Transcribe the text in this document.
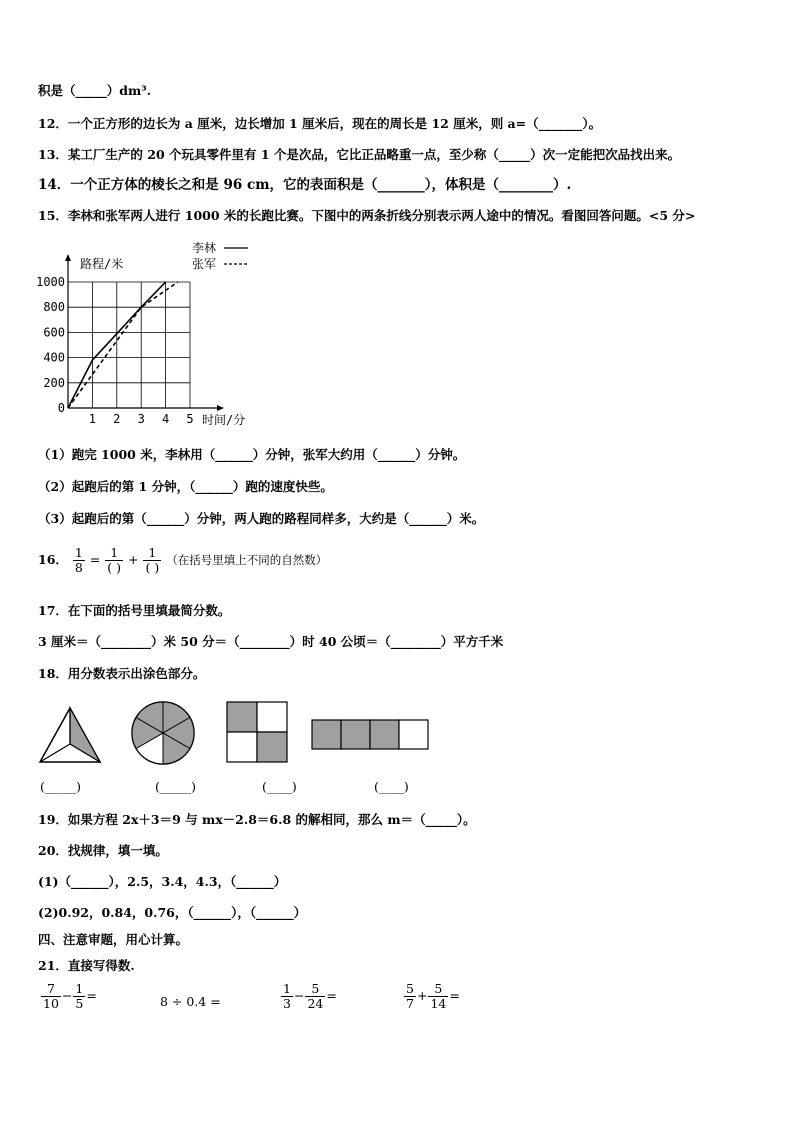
积是（_____）dm³.
12．一个正方形的边长为 a 厘米，边长增加 1 厘米后，现在的周长是 12 厘米，则 a=（_______）。
13．某工厂生产的 20 个玩具零件里有 1 个是次品，它比正品略重一点，至少称（_____）次一定能把次品找出来。
14．一个正方体的棱长之和是 96 cm，它的表面积是（_______），体积是（________）.
15．李林和张军两人进行 1000 米的长跑比赛。下图中的两条折线分别表示两人途中的情况。看图回答问题。<5 分>
1 2 3 4 5
200
400
600
800
1000
0
路程/米
时间/分
李林
张军
（1）跑完 1000 米，李林用（______）分钟，张军大约用（______）分钟。
（2）起跑后的第 1 分钟，（______）跑的速度快些。
（3）起跑后的第（______）分钟，两人跑的路程同样多，大约是（______）米。
16． $\frac{1}{8} = \frac{1}{( )} + \frac{1}{( )}$ （在括号里填上不同的自然数）
17．在下面的括号里填最简分数。
3 厘米＝（________）米 50 分＝（________）时 40 公顷＝（________）平方千米
18．用分数表示出涂色部分。
(_____)	(_____)	(____)	(____)
19．如果方程 2x＋3＝9 与 mx－2.8＝6.8 的解相同，那么 m＝（_____）。
20．找规律，填一填。
(1)（______），2.5，3.4，4.3，（______）
(2)0.92，0.84，0.76，（______），（______）
四、注意审题，用心计算。
21．直接写得数.
$\frac{7}{10} - \frac{1}{5}$ =	8 ÷ 0.4 =	$\frac{1}{3} - \frac{5}{24}$ =	$\frac{5}{7} + \frac{5}{14}$ =
